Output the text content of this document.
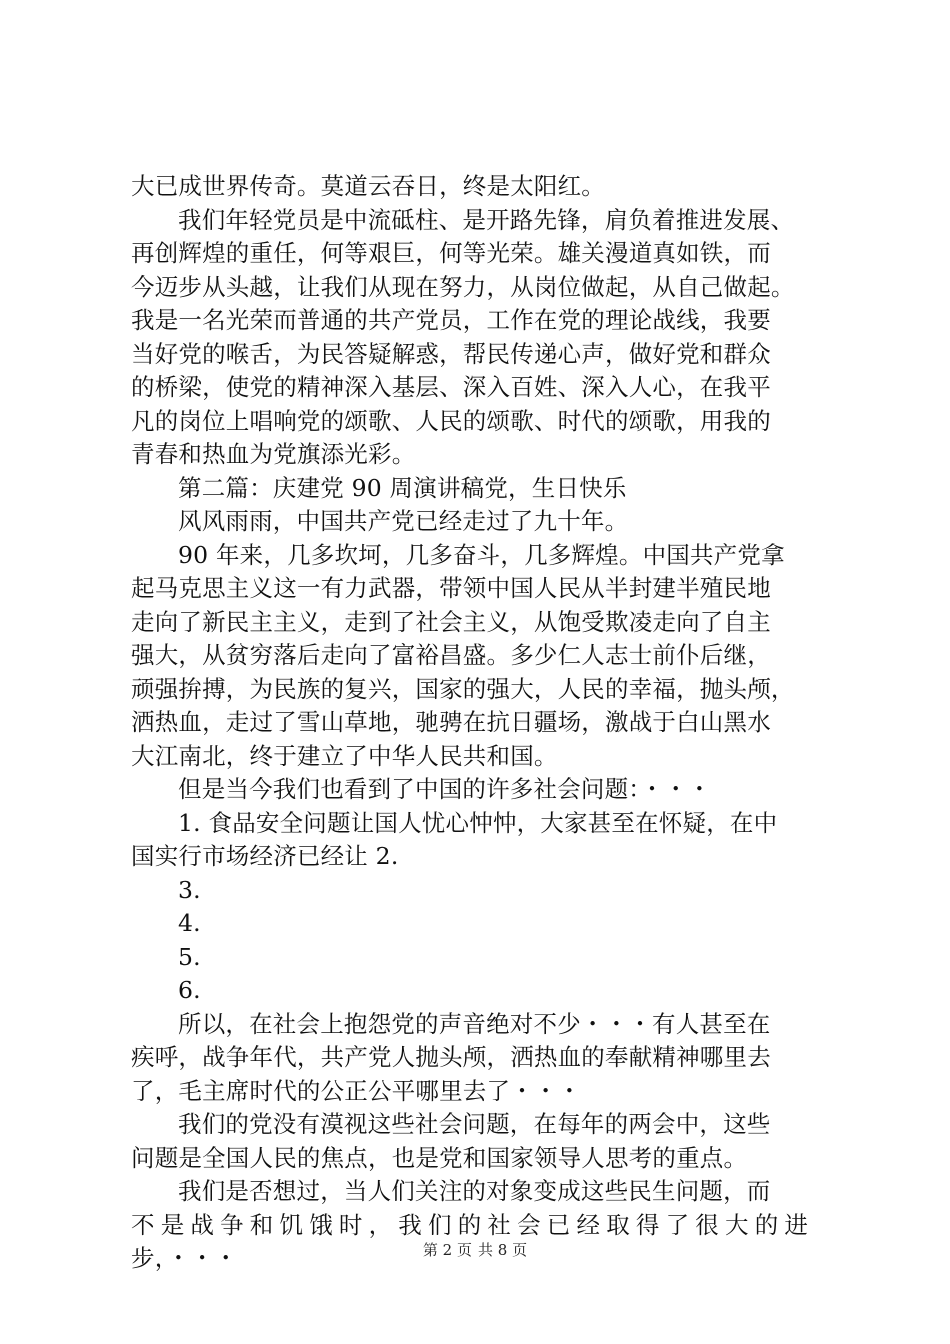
大已成世界传奇。莫道云吞日，终是太阳红。
我们年轻党员是中流砥柱、是开路先锋，肩负着推进发展、
再创辉煌的重任，何等艰巨，何等光荣。雄关漫道真如铁，而
今迈步从头越，让我们从现在努力，从岗位做起，从自己做起。
我是一名光荣而普通的共产党员，工作在党的理论战线，我要
当好党的喉舌，为民答疑解惑，帮民传递心声，做好党和群众
的桥梁，使党的精神深入基层、深入百姓、深入人心，在我平
凡的岗位上唱响党的颂歌、人民的颂歌、时代的颂歌，用我的
青春和热血为党旗添光彩。
第二篇：庆建党 90 周演讲稿党，生日快乐
风风雨雨，中国共产党已经走过了九十年。
90 年来，几多坎坷，几多奋斗，几多辉煌。中国共产党拿
起马克思主义这一有力武器，带领中国人民从半封建半殖民地
走向了新民主主义，走到了社会主义，从饱受欺凌走向了自主
强大，从贫穷落后走向了富裕昌盛。多少仁人志士前仆后继，
顽强拚搏，为民族的复兴，国家的强大，人民的幸福，抛头颅，
洒热血，走过了雪山草地，驰骋在抗日疆场，激战于白山黑水
大江南北，终于建立了中华人民共和国。
但是当今我们也看到了中国的许多社会问题：・・・
1. 食品安全问题让国人忧心忡忡，大家甚至在怀疑，在中
国实行市场经济已经让 2.
3.
4.
5.
6.
所以，在社会上抱怨党的声音绝对不少・・・有人甚至在
疾呼，战争年代，共产党人抛头颅，洒热血的奉献精神哪里去
了，毛主席时代的公正公平哪里去了・・・
我们的党没有漠视这些社会问题，在每年的两会中，这些
问题是全国人民的焦点，也是党和国家领导人思考的重点。
我们是否想过，当人们关注的对象变成这些民生问题，而
不是战争和饥饿时，我们的社会已经取得了很大的进
步，・・・	第 2 页 共 8 页
